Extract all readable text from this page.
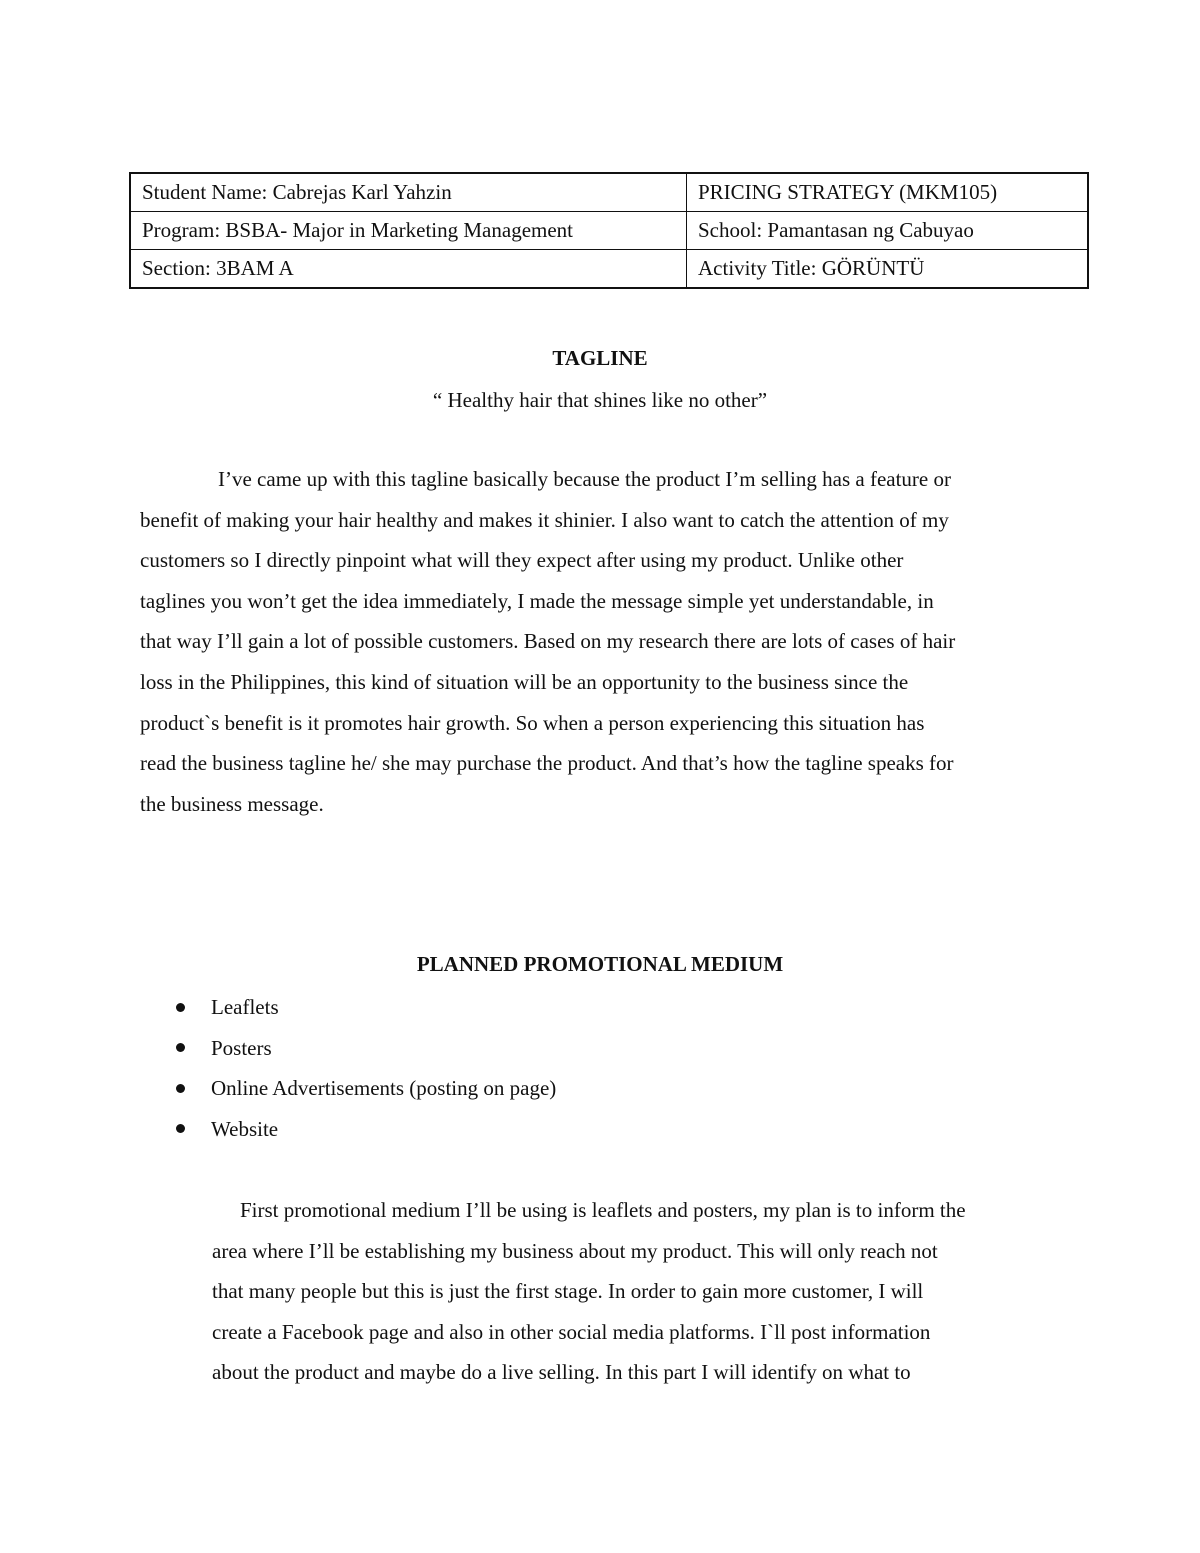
Student Name: Cabrejas Karl Yahzin	PRICING STRATEGY (MKM105)
Program: BSBA- Major in Marketing Management	School: Pamantasan ng Cabuyao
Section: 3BAM A	Activity Title: GÖRÜNTÜ
TAGLINE

“ Healthy hair that shines like no other”

I’ve came up with this tagline basically because the product I’m selling has a feature or
benefit of making your hair healthy and makes it shinier. I also want to catch the attention of my
customers so I directly pinpoint what will they expect after using my product. Unlike other
taglines you won’t get the idea immediately, I made the message simple yet understandable, in
that way I’ll gain a lot of possible customers. Based on my research there are lots of cases of hair
loss in the Philippines, this kind of situation will be an opportunity to the business since the
product`s benefit is it promotes hair growth. So when a person experiencing this situation has
read the business tagline he/ she may purchase the product. And that’s how the tagline speaks for
the business message.

PLANNED PROMOTIONAL MEDIUM
Leaflets
Posters
Online Advertisements (posting on page)
Website

First promotional medium I’ll be using is leaflets and posters, my plan is to inform the
area where I’ll be establishing my business about my product. This will only reach not
that many people but this is just the first stage. In order to gain more customer, I will
create a Facebook page and also in other social media platforms. I`ll post information
about the product and maybe do a live selling. In this part I will identify on what to
